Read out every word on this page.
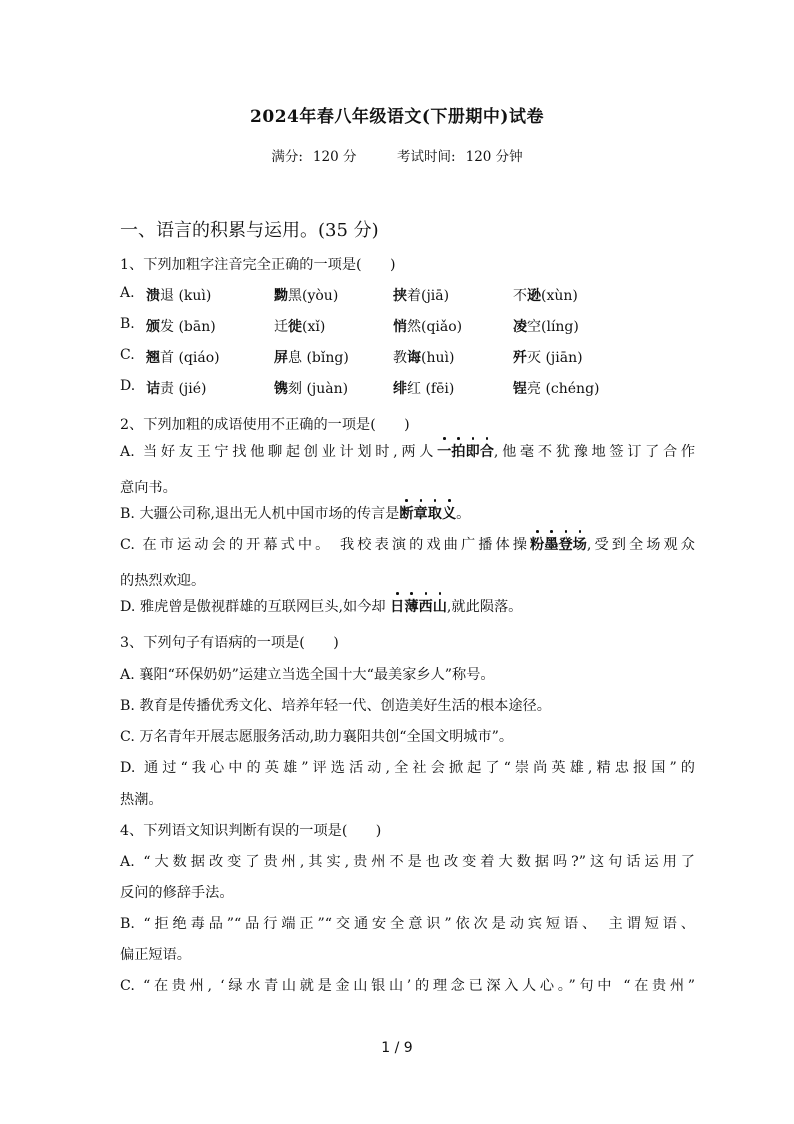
2024年春八年级语文(下册期中)试卷
满分: 120 分	考试时间: 120 分钟
一、语言的积累与运用。(35 分)
1、下列加粗字注音完全正确的一项是(　　)
A. 溃退 (kuì)	黝黑(yòu)	挟着(jiā)	不逊(xùn)
B. 颁发 (bān)	迁徙(xǐ)	悄然(qiǎo)	凌空(líng)
C. 翘首 (qiáo)	屏息 (bǐng)	教诲(huì)	歼灭 (jiān)
D. 诘责 (jié)	镌刻 (juàn)	绯红 (fēi)	锃亮 (chéng)
2、下列加粗的成语使用不正确的一项是(　　)
A. 当好友王宁找他聊起创业计划时,两人一拍即合,他毫不犹豫地签订了合作
意向书。
B. 大疆公司称,退出无人机中国市场的传言是断章取义。
C. 在市运动会的开幕式中。 我校表演的戏曲广播体操粉墨登场,受到全场观众
的热烈欢迎。
D. 雅虎曾是傲视群雄的互联网巨头,如今却 日薄西山,就此陨落。
3、下列句子有语病的一项是(　　)
A. 襄阳“环保奶奶”运建立当选全国十大“最美家乡人”称号。
B. 教育是传播优秀文化、培养年轻一代、创造美好生活的根本途径。
C. 万名青年开展志愿服务活动,助力襄阳共创“全国文明城市”。
D. 通过“我心中的英雄”评选活动,全社会掀起了“崇尚英雄,精忠报国”的
热潮。
4、下列语文知识判断有误的一项是(　　)
A. “大数据改变了贵州,其实,贵州不是也改变着大数据吗?”这句话运用了
反问的修辞手法。
B. “拒绝毒品”“品行端正”“交通安全意识”依次是动宾短语、 主谓短语、
偏正短语。
C. “在贵州, ‘绿水青山就是金山银山’的理念已深入人心。”句中 “在贵州”
1 / 9
